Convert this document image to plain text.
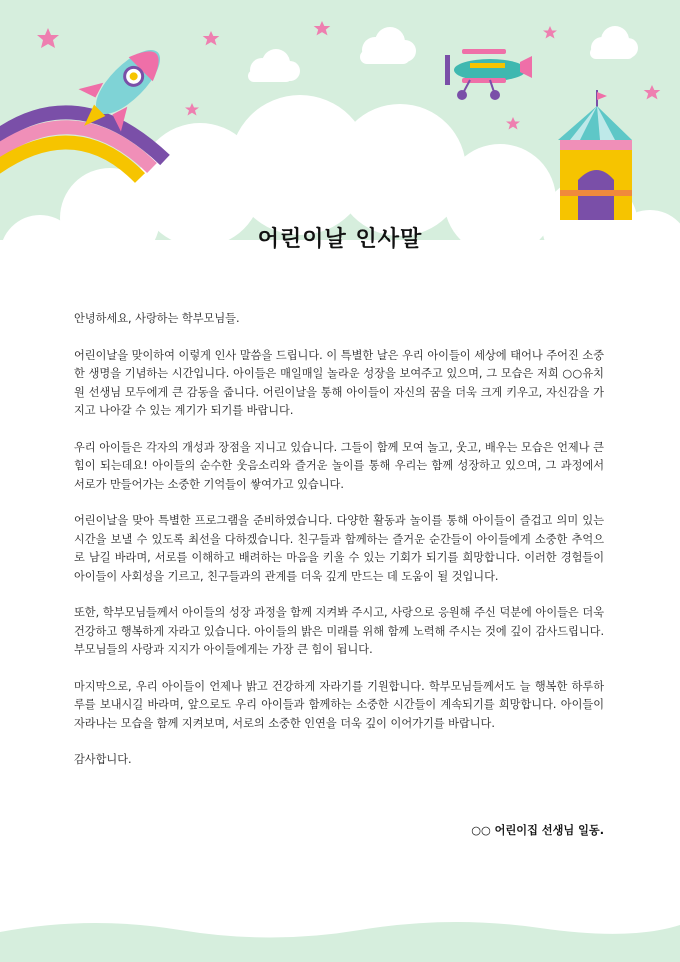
어린이날 인사말

안녕하세요, 사랑하는 학부모님들.

어린이날을 맞이하여 이렇게 인사 말씀을 드립니다. 이 특별한 날은 우리 아이들이 세상에 태어나 주어진 소중한 생명을 기념하는 시간입니다. 아이들은 매일매일 놀라운 성장을 보여주고 있으며, 그 모습은 저희 ○○유치원 선생님 모두에게 큰 감동을 줍니다. 어린이날을 통해 아이들이 자신의 꿈을 더욱 크게 키우고, 자신감을 가지고 나아갈 수 있는 계기가 되기를 바랍니다.

우리 아이들은 각자의 개성과 장점을 지니고 있습니다. 그들이 함께 모여 놀고, 웃고, 배우는 모습은 언제나 큰 힘이 되는데요! 아이들의 순수한 웃음소리와 즐거운 놀이를 통해 우리는 함께 성장하고 있으며, 그 과정에서 서로가 만들어가는 소중한 기억들이 쌓여가고 있습니다.

어린이날을 맞아 특별한 프로그램을 준비하였습니다. 다양한 활동과 놀이를 통해 아이들이 즐겁고 의미 있는 시간을 보낼 수 있도록 최선을 다하겠습니다. 친구들과 함께하는 즐거운 순간들이 아이들에게 소중한 추억으로 남길 바라며, 서로를 이해하고 배려하는 마음을 키울 수 있는 기회가 되기를 희망합니다. 이러한 경험들이 아이들이 사회성을 기르고, 친구들과의 관계를 더욱 깊게 만드는 데 도움이 될 것입니다.

또한, 학부모님들께서 아이들의 성장 과정을 함께 지켜봐 주시고, 사랑으로 응원해 주신 덕분에 아이들은 더욱 건강하고 행복하게 자라고 있습니다. 아이들의 밝은 미래를 위해 함께 노력해 주시는 것에 깊이 감사드립니다. 부모님들의 사랑과 지지가 아이들에게는 가장 큰 힘이 됩니다.

마지막으로, 우리 아이들이 언제나 밝고 건강하게 자라기를 기원합니다. 학부모님들께서도 늘 행복한 하루하루를 보내시길 바라며, 앞으로도 우리 아이들과 함께하는 소중한 시간들이 계속되기를 희망합니다. 아이들이 자라나는 모습을 함께 지켜보며, 서로의 소중한 인연을 더욱 깊이 이어가기를 바랍니다.

감사합니다.

○○ 어린이집 선생님 일동.
